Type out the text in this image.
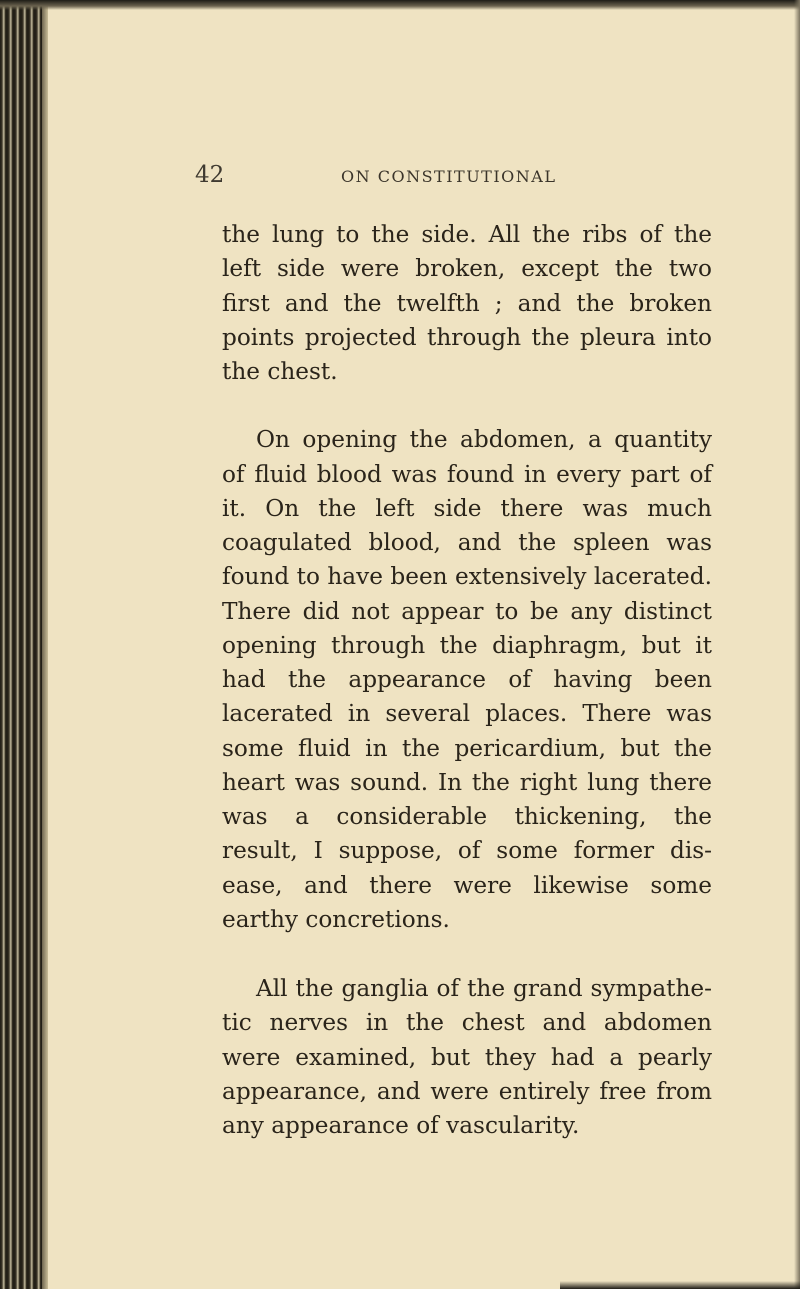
42	ON CONSTITUTIONAL

the lung to the side. All the ribs of the left side were broken, except the two first and the twelfth ; and the broken points projected through the pleura into the chest.

On opening the abdomen, a quantity of fluid blood was found in every part of it. On the left side there was much coagulated blood, and the spleen was found to have been extensively lacerated. There did not appear to be any distinct opening through the diaphragm, but it had the appearance of having been lacerated in several places. There was some fluid in the pericardium, but the heart was sound. In the right lung there was a considerable thickening, the result, I suppose, of some former disease, and there were likewise some earthy concretions.

All the ganglia of the grand sympathetic nerves in the chest and abdomen were examined, but they had a pearly appearance, and were entirely free from any appearance of vascularity.
